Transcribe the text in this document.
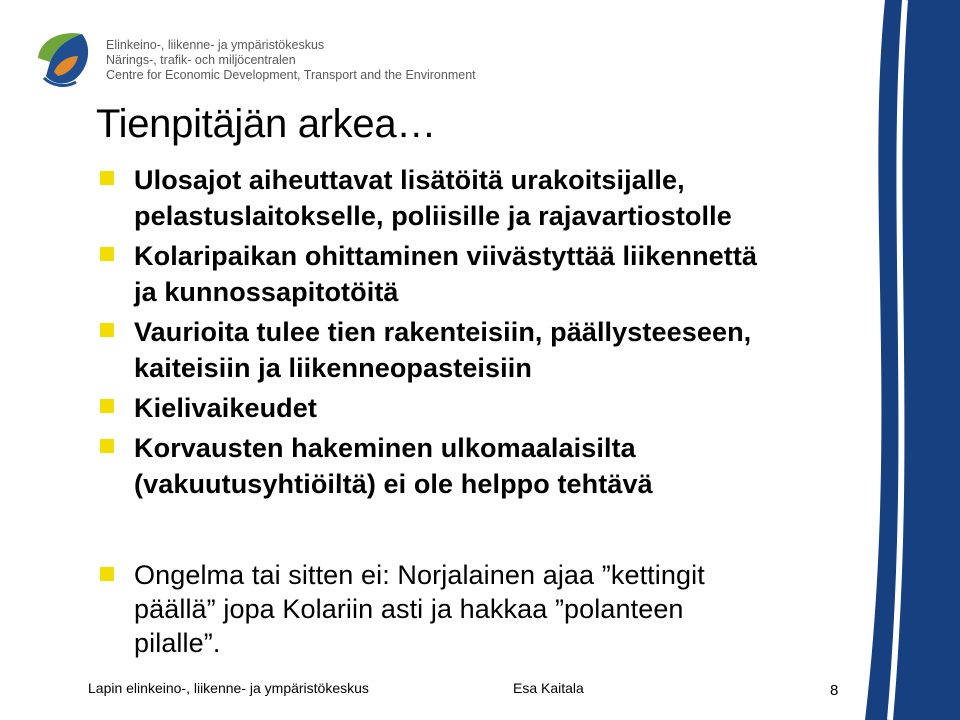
Elinkeino-, liikenne- ja ympäristökeskus
Närings-, trafik- och miljöcentralen
Centre for Economic Development, Transport and the Environment
Tienpitäjän arkea…
Ulosajot aiheuttavat lisätöitä urakoitsijalle,
pelastuslaitokselle, poliisille ja rajavartiostolle
Kolaripaikan ohittaminen viivästyttää liikennettä
ja kunnossapitotöitä
Vaurioita tulee tien rakenteisiin, päällysteeseen,
kaiteisiin ja liikenneopasteisiin
Kielivaikeudet
Korvausten hakeminen ulkomaalaisilta
(vakuutusyhtiöiltä) ei ole helppo tehtävä
Ongelma tai sitten ei: Norjalainen ajaa ”kettingit
päällä” jopa Kolariin asti ja hakkaa ”polanteen
pilalle”.
Lapin elinkeino-, liikenne- ja ympäristökeskus	Esa Kaitala	8
